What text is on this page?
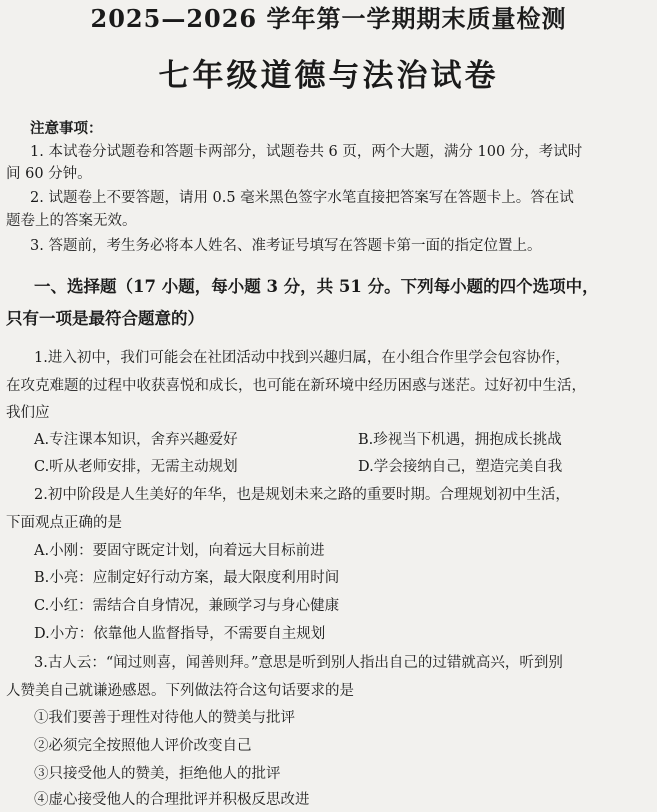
2025—2026 学年第一学期期末质量检测
七年级道德与法治试卷
注意事项：
1. 本试卷分试题卷和答题卡两部分，试题卷共 6 页，两个大题，满分 100 分，考试时
间 60 分钟。
2. 试题卷上不要答题，请用 0.5 毫米黑色签字水笔直接把答案写在答题卡上。答在试
题卷上的答案无效。
3. 答题前，考生务必将本人姓名、准考证号填写在答题卡第一面的指定位置上。
一、选择题（17 小题，每小题 3 分，共 51 分。下列每小题的四个选项中，
只有一项是最符合题意的）
1.进入初中，我们可能会在社团活动中找到兴趣归属，在小组合作里学会包容协作，
在攻克难题的过程中收获喜悦和成长，也可能在新环境中经历困惑与迷茫。过好初中生活，
我们应
A.专注课本知识，舍弃兴趣爱好	B.珍视当下机遇，拥抱成长挑战
C.听从老师安排，无需主动规划	D.学会接纳自己，塑造完美自我
2.初中阶段是人生美好的年华，也是规划未来之路的重要时期。合理规划初中生活，
下面观点正确的是
A.小刚：要固守既定计划，向着远大目标前进
B.小亮：应制定好行动方案，最大限度利用时间
C.小红：需结合自身情况，兼顾学习与身心健康
D.小方：依靠他人监督指导，不需要自主规划
3.古人云：“闻过则喜，闻善则拜。”意思是听到别人指出自己的过错就高兴，听到别
人赞美自己就谦逊感恩。下列做法符合这句话要求的是
①我们要善于理性对待他人的赞美与批评
②必须完全按照他人评价改变自己
③只接受他人的赞美，拒绝他人的批评
④虚心接受他人的合理批评并积极反思改进
